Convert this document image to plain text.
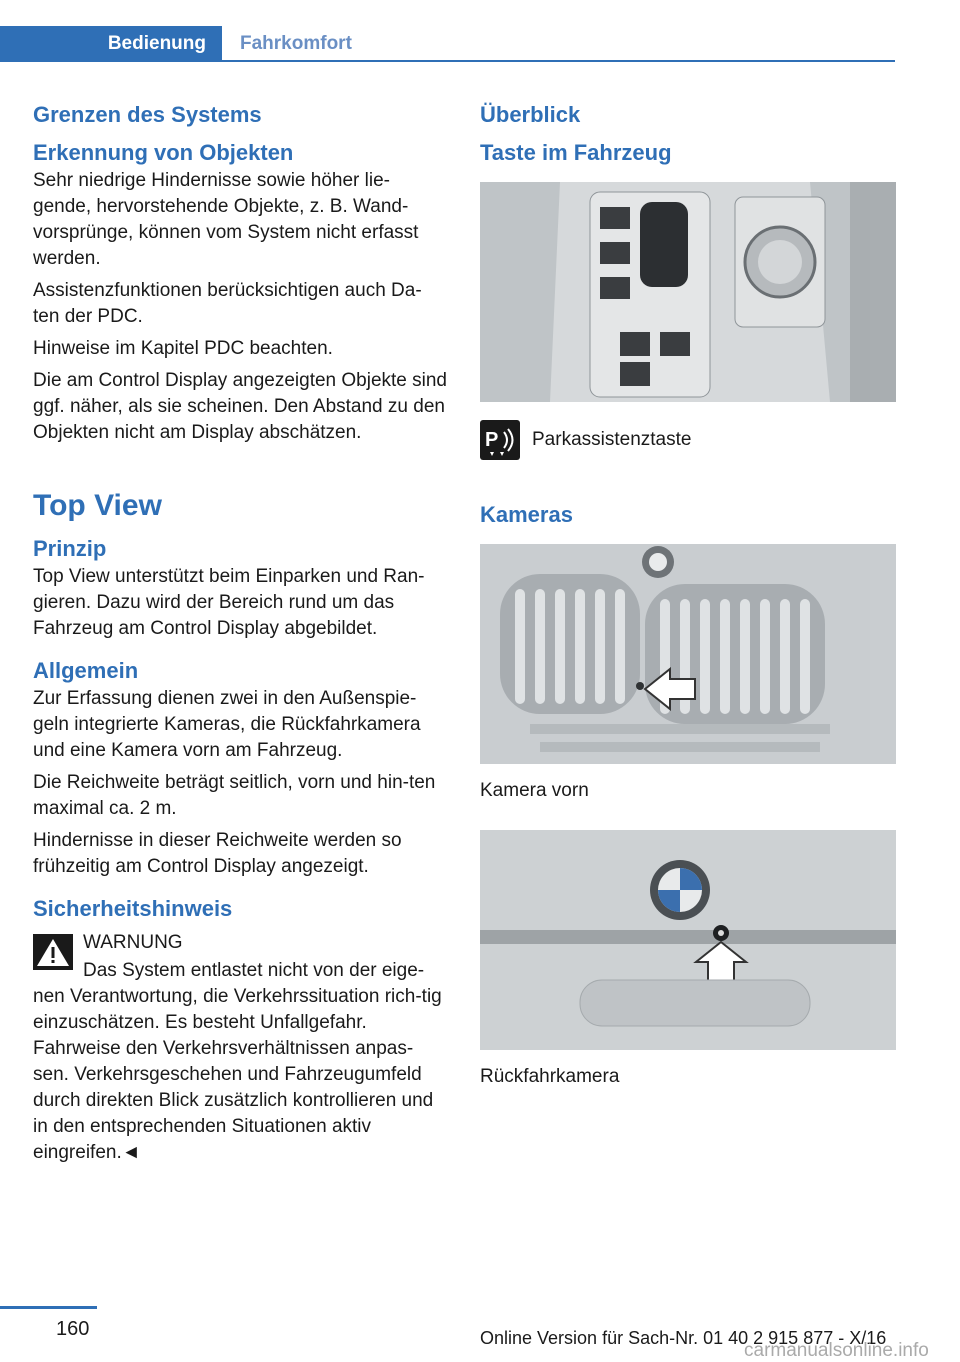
Bedienung	Fahrkomfort
Grenzen des Systems
Erkennung von Objekten

Sehr niedrige Hindernisse sowie höher lie-gende, hervorstehende Objekte, z. B. Wand-vorsprünge, können vom System nicht erfasst werden.

Assistenzfunktionen berücksichtigen auch Da-ten der PDC.

Hinweise im Kapitel PDC beachten.

Die am Control Display angezeigten Objekte sind ggf. näher, als sie scheinen. Den Abstand zu den Objekten nicht am Display abschätzen.

Top View
Prinzip

Top View unterstützt beim Einparken und Ran-gieren. Dazu wird der Bereich rund um das Fahrzeug am Control Display abgebildet.

Allgemein

Zur Erfassung dienen zwei in den Außenspie-geln integrierte Kameras, die Rückfahrkamera und eine Kamera vorn am Fahrzeug.

Die Reichweite beträgt seitlich, vorn und hin-ten maximal ca. 2 m.

Hindernisse in dieser Reichweite werden so frühzeitig am Control Display angezeigt.

Sicherheitshinweis

WARNUNG

Das System entlastet nicht von der eige-nen Verantwortung, die Verkehrssituation rich-tig einzuschätzen. Es besteht Unfallgefahr. Fahrweise den Verkehrsverhältnissen anpas-sen. Verkehrsgeschehen und Fahrzeugumfeld durch direkten Blick zusätzlich kontrollieren und in den entsprechenden Situationen aktiv eingreifen.◄

Überblick
Taste im Fahrzeug
P Parkassistenztaste
Kameras
Kamera vorn
Rückfahrkamera
160	Online Version für Sach-Nr. 01 40 2 915 877 - X/16
carmanualsonline.info
